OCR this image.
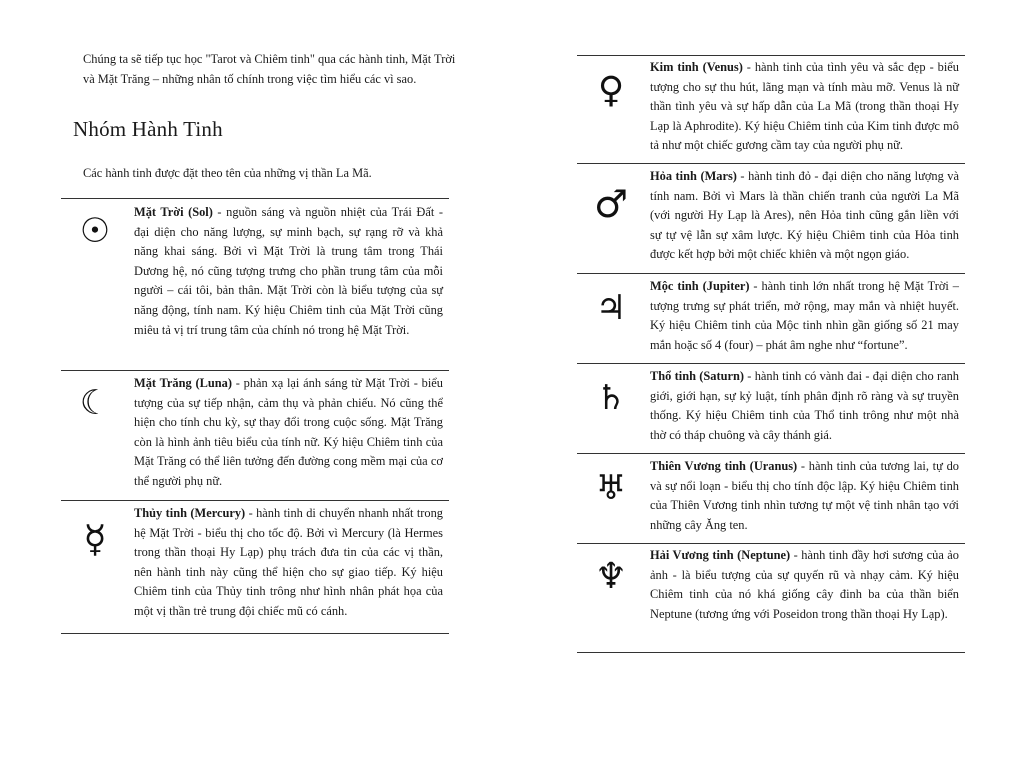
Chúng ta sẽ tiếp tục học "Tarot và Chiêm tinh" qua các hành tinh, Mặt Trời và Mặt Trăng – những nhân tố chính trong việc tìm hiểu các vì sao.

Nhóm Hành Tinh

Các hành tinh được đặt theo tên của những vị thần La Mã.

☉	Mặt Trời (Sol) - nguồn sáng và nguồn nhiệt của Trái Đất - đại diện cho năng lượng, sự minh bạch, sự rạng rỡ và khả năng khai sáng. Bởi vì Mặt Trời là trung tâm trong Thái Dương hệ, nó cũng tượng trưng cho phần trung tâm của mỗi người – cái tôi, bản thân. Mặt Trời còn là biểu tượng của sự năng động, tính nam. Ký hiệu Chiêm tinh của Mặt Trời cũng miêu tả vị trí trung tâm của chính nó trong hệ Mặt Trời.

☾	Mặt Trăng (Luna) - phản xạ lại ánh sáng từ Mặt Trời - biểu tượng của sự tiếp nhận, cảm thụ và phản chiếu. Nó cũng thể hiện cho tính chu kỳ, sự thay đổi trong cuộc sống. Mặt Trăng còn là hình ảnh tiêu biểu của tính nữ. Ký hiệu Chiêm tinh của Mặt Trăng có thể liên tưởng đến đường cong mềm mại của cơ thể người phụ nữ.

☿

Thủy tinh (Mercury) - hành tinh di chuyển nhanh nhất trong hệ Mặt Trời - biểu thị cho tốc độ. Bởi vì Mercury (là Hermes trong thần thoại Hy Lạp) phụ trách đưa tin của các vị thần, nên hành tinh này cũng thể hiện cho sự giao tiếp. Ký hiệu Chiêm tinh của Thủy tinh trông như hình nhân phát họa của một vị thần trẻ trung đội chiếc mũ có cánh.

♀

Kim tinh (Venus) - hành tinh của tình yêu và sắc đẹp - biểu tượng cho sự thu hút, lãng mạn và tính màu mỡ. Venus là nữ thần tình yêu và sự hấp dẫn của La Mã (trong thần thoại Hy Lạp là Aphrodite). Ký hiệu Chiêm tinh của Kim tinh được mô tả như một chiếc gương cầm tay của người phụ nữ.

♂

Hỏa tinh (Mars) - hành tinh đỏ - đại diện cho năng lượng và tính nam. Bởi vì Mars là thần chiến tranh của người La Mã (với người Hy Lạp là Ares), nên Hỏa tinh cũng gắn liền với sự tự vệ lẫn sự xâm lược. Ký hiệu Chiêm tinh của Hỏa tinh được kết hợp bởi một chiếc khiên và một ngọn giáo.

♃

Mộc tinh (Jupiter) - hành tinh lớn nhất trong hệ Mặt Trời – tượng trưng sự phát triển, mở rộng, may mắn và nhiệt huyết. Ký hiệu Chiêm tinh của Mộc tinh nhìn gần giống số 21 may mắn hoặc số 4 (four) – phát âm nghe như “fortune”.

♄

Thổ tinh (Saturn) - hành tinh có vành đai - đại diện cho ranh giới, giới hạn, sự kỷ luật, tính phân định rõ ràng và sự truyền thống. Ký hiệu Chiêm tinh của Thổ tinh trông như một nhà thờ có tháp chuông và cây thánh giá.

♅

Thiên Vương tinh (Uranus) - hành tinh của tương lai, tự do và sự nổi loạn - biểu thị cho tính độc lập. Ký hiệu Chiêm tinh của Thiên Vương tinh nhìn tương tự một vệ tinh nhân tạo với những cây Ăng ten.

♆

Hải Vương tinh (Neptune) - hành tinh đầy hơi sương của ảo ảnh - là biểu tượng của sự quyến rũ và nhạy cảm. Ký hiệu Chiêm tinh của nó khá giống cây đinh ba của thần biển Neptune (tương ứng với Poseidon trong thần thoại Hy Lạp).
